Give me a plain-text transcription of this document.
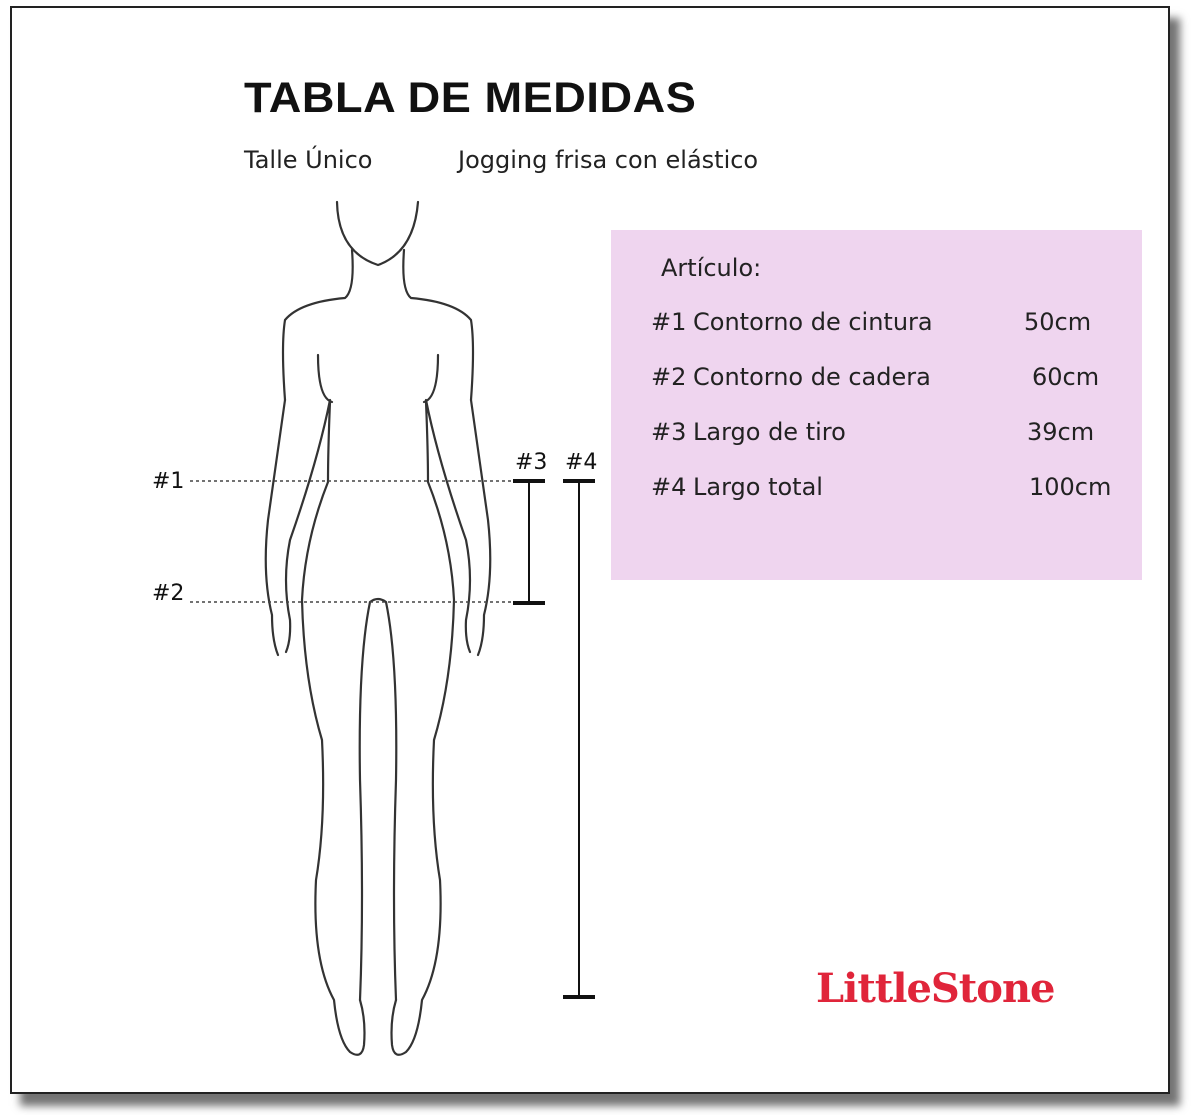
TABLA DE MEDIDAS
Talle Único	Jogging frisa con elástico
#1
#2
#3 #4
Artículo:
#1 Contorno de cintura	50cm
#2 Contorno de cadera	60cm
#3 Largo de tiro	39cm
#4 Largo total	100cm
LittleStone
